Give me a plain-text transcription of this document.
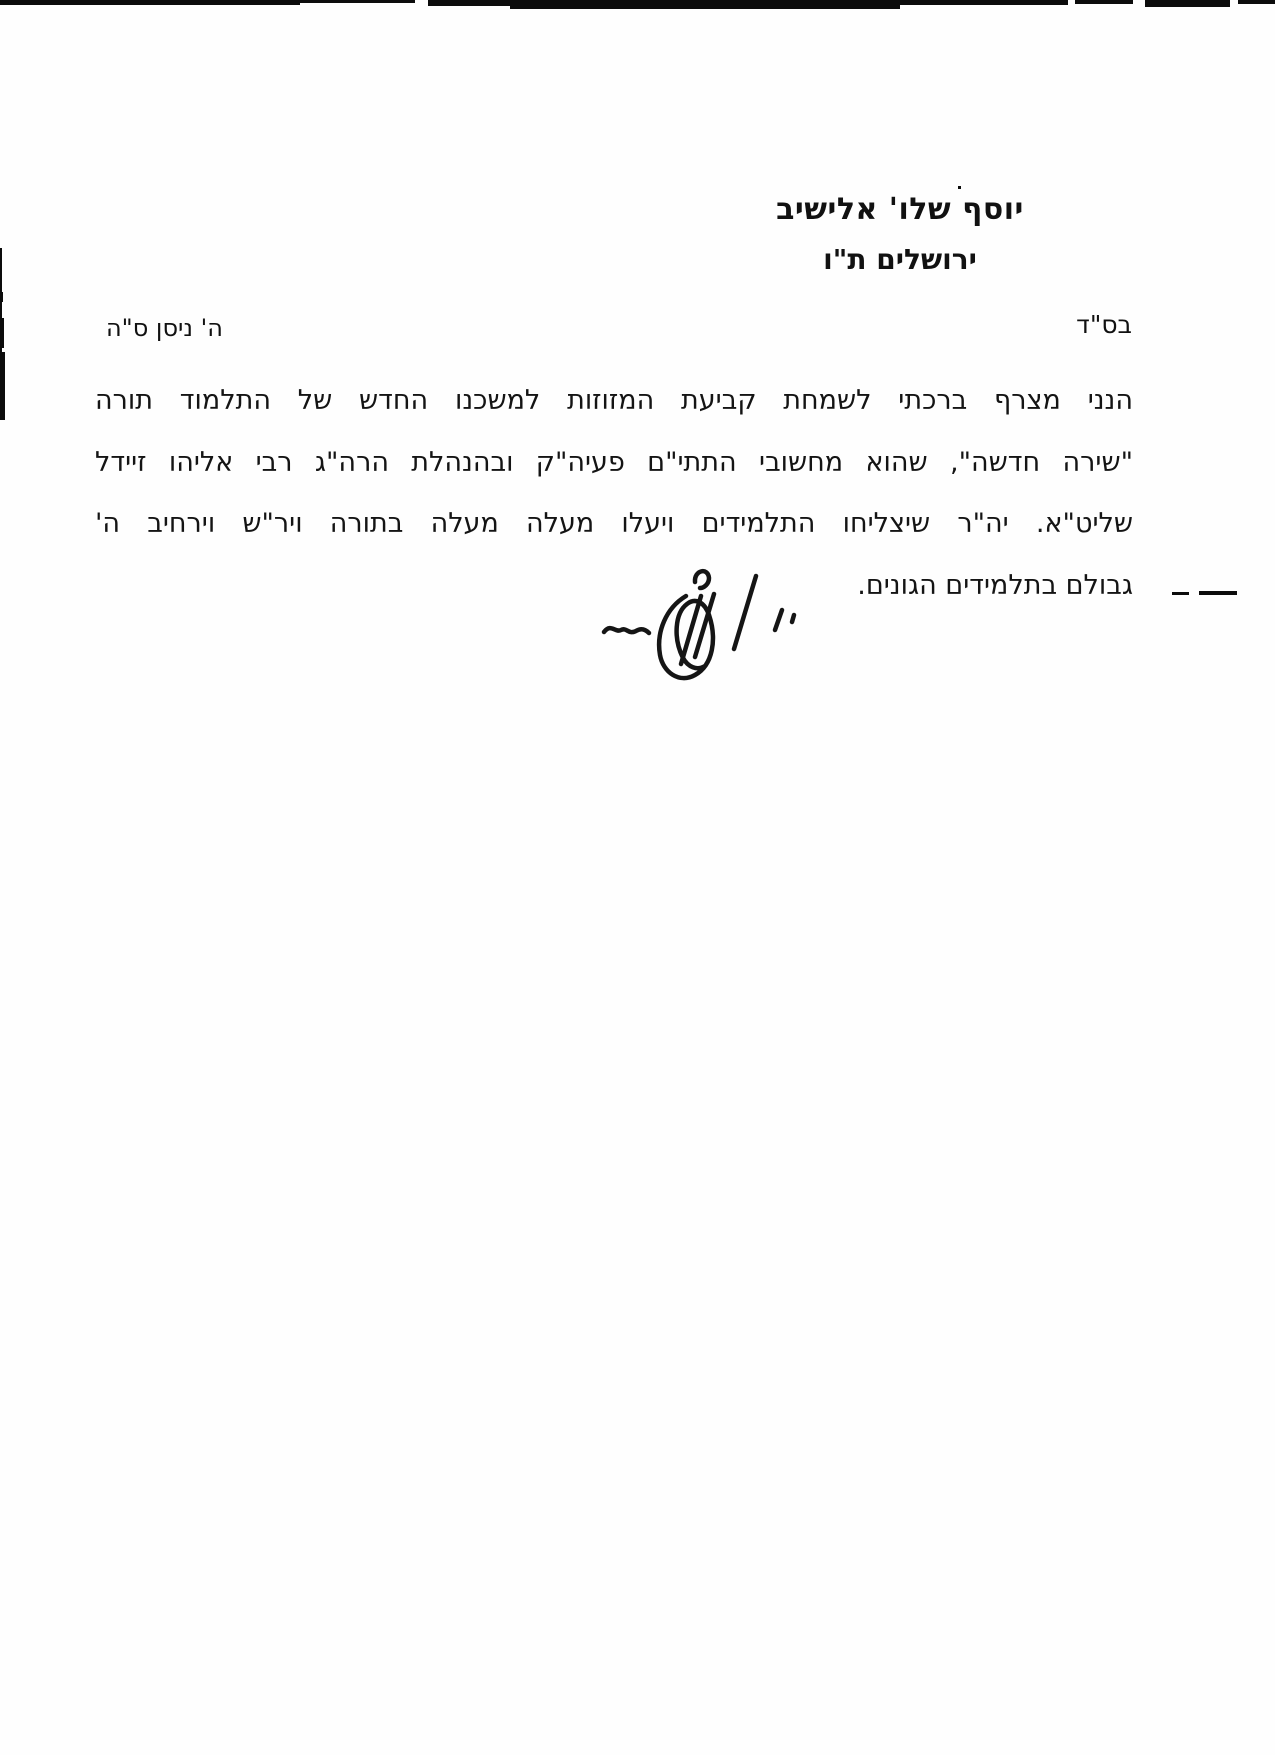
יוסף שלו' אלישיב
ירושלים ת"ו
בס"ד
ה' ניסן ס"ה
הנני מצרף ברכתי לשמחת קביעת המזוזות למשכנו החדש של התלמוד תורה
"שירה חדשה", שהוא מחשובי התתי"ם פעיה"ק ובהנהלת הרה"ג רבי אליהו זיידל
שליט"א. יה"ר שיצליחו התלמידים ויעלו מעלה מעלה בתורה ויר"ש וירחיב ה'
גבולם בתלמידים הגונים.
